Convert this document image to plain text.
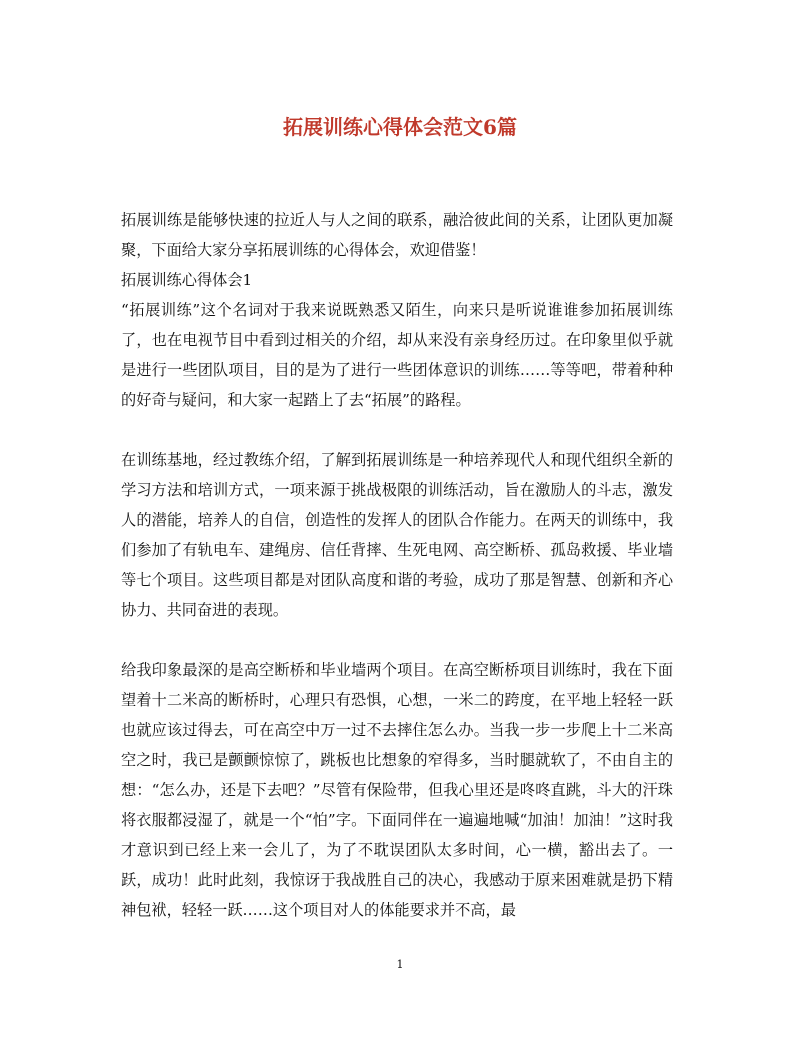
拓展训练心得体会范文6篇

拓展训练是能够快速的拉近人与人之间的联系，融洽彼此间的关系，让团队更加凝聚，下面给大家分享拓展训练的心得体会，欢迎借鉴！

拓展训练心得体会1

“拓展训练”这个名词对于我来说既熟悉又陌生，向来只是听说谁谁参加拓展训练了，也在电视节目中看到过相关的介绍，却从来没有亲身经历过。在印象里似乎就是进行一些团队项目，目的是为了进行一些团体意识的训练……等等吧，带着种种的好奇与疑问，和大家一起踏上了去“拓展”的路程。

在训练基地，经过教练介绍，了解到拓展训练是一种培养现代人和现代组织全新的学习方法和培训方式，一项来源于挑战极限的训练活动，旨在激励人的斗志，激发人的潜能，培养人的自信，创造性的发挥人的团队合作能力。在两天的训练中，我们参加了有轨电车、建绳房、信任背摔、生死电网、高空断桥、孤岛救援、毕业墙等七个项目。这些项目都是对团队高度和谐的考验，成功了那是智慧、创新和齐心协力、共同奋进的表现。

给我印象最深的是高空断桥和毕业墙两个项目。在高空断桥项目训练时，我在下面望着十二米高的断桥时，心理只有恐惧，心想，一米二的跨度，在平地上轻轻一跃也就应该过得去，可在高空中万一过不去摔住怎么办。当我一步一步爬上十二米高空之时，我已是颤颤惊惊了，跳板也比想象的窄得多，当时腿就软了，不由自主的想：“怎么办，还是下去吧？”尽管有保险带，但我心里还是咚咚直跳，斗大的汗珠将衣服都浸湿了，就是一个“怕”字。下面同伴在一遍遍地喊“加油！加油！”这时我才意识到已经上来一会儿了，为了不耽误团队太多时间，心一横，豁出去了。一跃，成功！此时此刻，我惊讶于我战胜自己的决心，我感动于原来困难就是扔下精神包袱，轻轻一跃……这个项目对人的体能要求并不高，最

1
